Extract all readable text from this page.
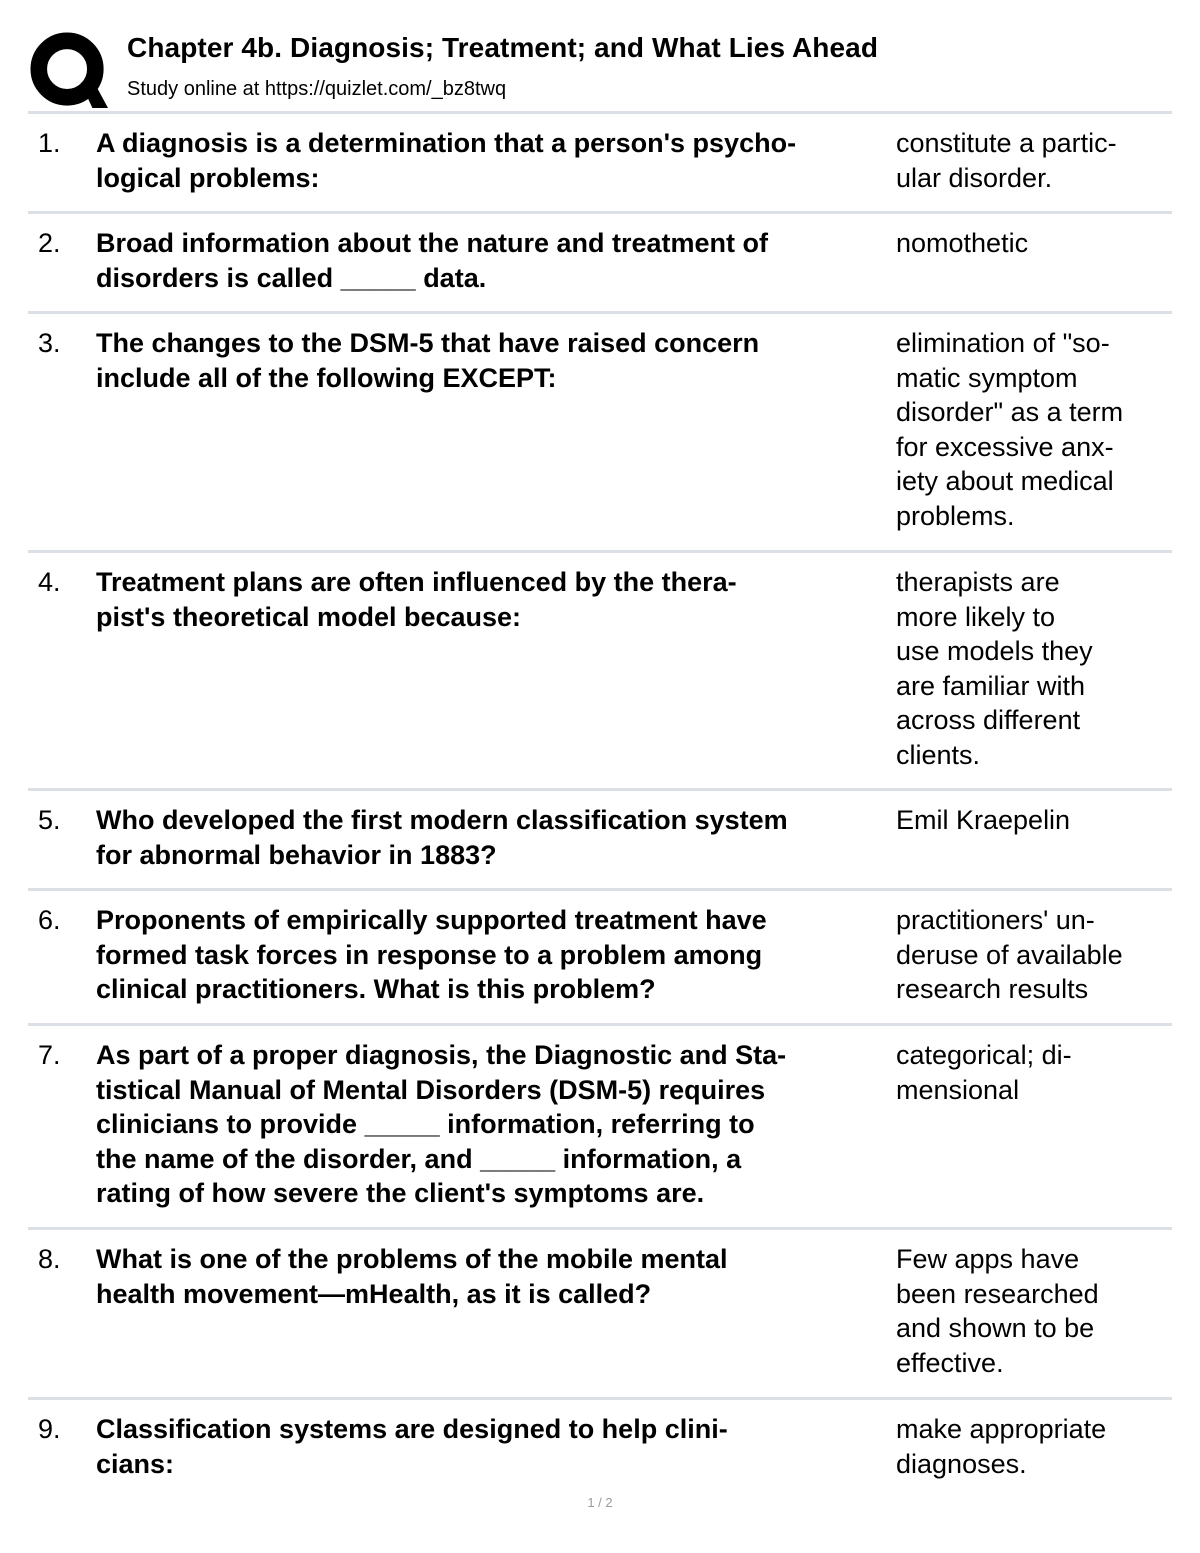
Chapter 4b. Diagnosis; Treatment; and What Lies Ahead
Study online at https://quizlet.com/_bz8twq
1. A diagnosis is a determination that a person's psycho-
logical problems:
constitute a partic-
ular disorder.
2. Broad information about the nature and treatment of
disorders is called _____ data.
nomothetic
3. The changes to the DSM-5 that have raised concern
include all of the following EXCEPT:
elimination of "so-
matic symptom
disorder" as a term
for excessive anx-
iety about medical
problems.
4. Treatment plans are often influenced by the thera-
pist's theoretical model because:
therapists are
more likely to
use models they
are familiar with
across different
clients.
5. Who developed the first modern classification system
for abnormal behavior in 1883?
Emil Kraepelin
6. Proponents of empirically supported treatment have
formed task forces in response to a problem among
clinical practitioners. What is this problem?
practitioners' un-
deruse of available
research results
7. As part of a proper diagnosis, the Diagnostic and Sta-
tistical Manual of Mental Disorders (DSM-5) requires
clinicians to provide _____ information, referring to
the name of the disorder, and _____ information, a
rating of how severe the client's symptoms are.
categorical; di-
mensional
8. What is one of the problems of the mobile mental
health movement—mHealth, as it is called?
Few apps have
been researched
and shown to be
effective.
9. Classification systems are designed to help clini-
cians:
make appropriate
diagnoses.
1 / 2
